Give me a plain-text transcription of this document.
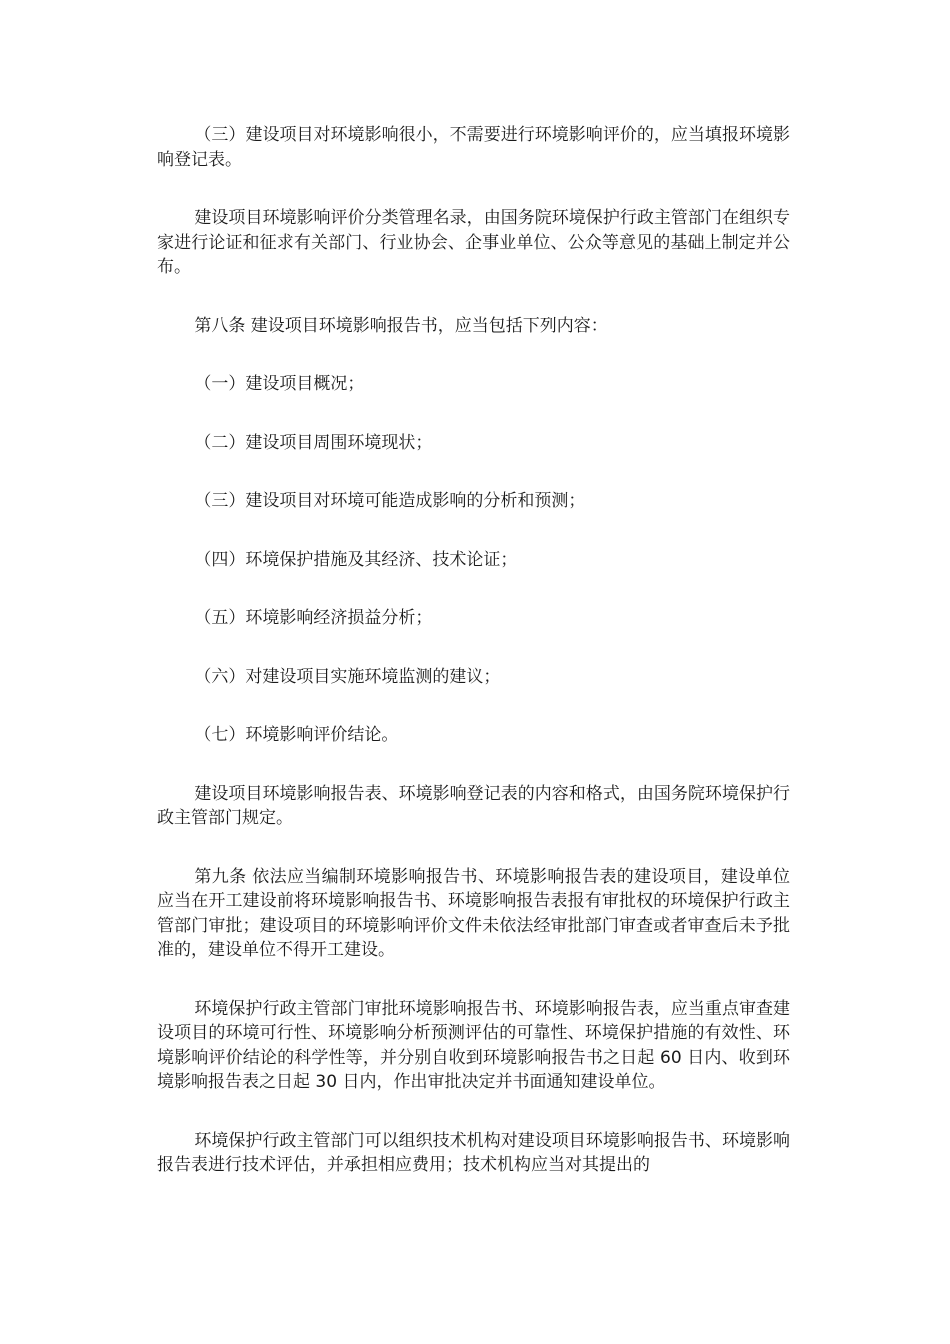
（三）建设项目对环境影响很小，不需要进行环境影响评价的，应当填报环境影响登记表。

建设项目环境影响评价分类管理名录，由国务院环境保护行政主管部门在组织专家进行论证和征求有关部门、行业协会、企事业单位、公众等意见的基础上制定并公布。

第八条 建设项目环境影响报告书，应当包括下列内容：

（一）建设项目概况；

（二）建设项目周围环境现状；

（三）建设项目对环境可能造成影响的分析和预测；

（四）环境保护措施及其经济、技术论证；

（五）环境影响经济损益分析；

（六）对建设项目实施环境监测的建议；

（七）环境影响评价结论。

建设项目环境影响报告表、环境影响登记表的内容和格式，由国务院环境保护行政主管部门规定。

第九条 依法应当编制环境影响报告书、环境影响报告表的建设项目，建设单位应当在开工建设前将环境影响报告书、环境影响报告表报有审批权的环境保护行政主管部门审批；建设项目的环境影响评价文件未依法经审批部门审查或者审查后未予批准的，建设单位不得开工建设。

环境保护行政主管部门审批环境影响报告书、环境影响报告表，应当重点审查建设项目的环境可行性、环境影响分析预测评估的可靠性、环境保护措施的有效性、环境影响评价结论的科学性等，并分别自收到环境影响报告书之日起 60 日内、收到环境影响报告表之日起 30 日内，作出审批决定并书面通知建设单位。

环境保护行政主管部门可以组织技术机构对建设项目环境影响报告书、环境影响报告表进行技术评估，并承担相应费用；技术机构应当对其提出的
